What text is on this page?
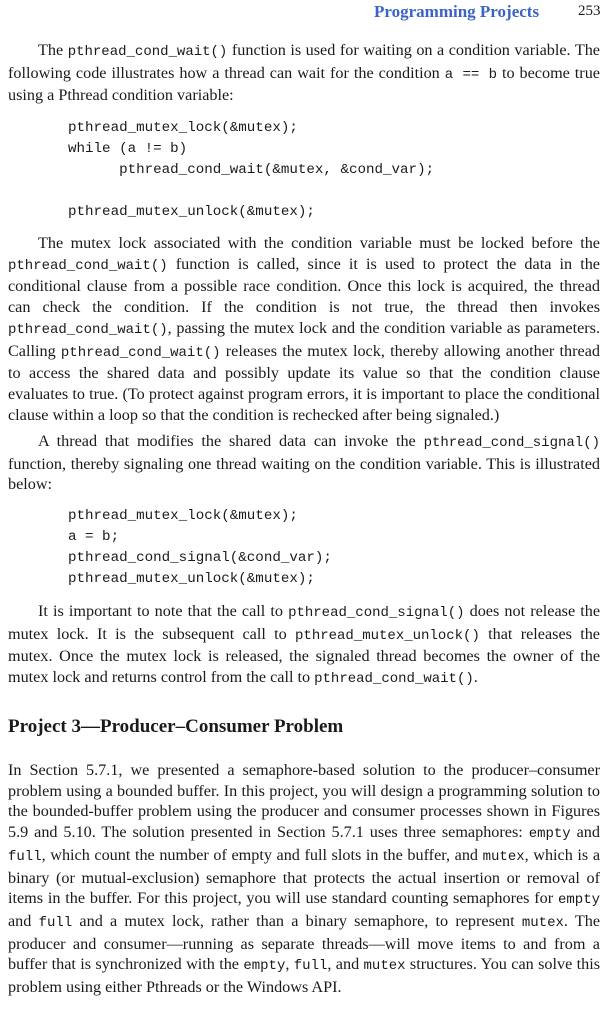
Programming Projects	253

The pthread_cond_wait() function is used for waiting on a condition variable. The following code illustrates how a thread can wait for the condition a == b to become true using a Pthread condition variable:

pthread_mutex_lock(&mutex);
while (a != b)
pthread_cond_wait(&mutex, &cond_var);

pthread_mutex_unlock(&mutex);

The mutex lock associated with the condition variable must be locked before the pthread_cond_wait() function is called, since it is used to protect the data in the conditional clause from a possible race condition. Once this lock is acquired, the thread can check the condition. If the condition is not true, the thread then invokes pthread_cond_wait(), passing the mutex lock and the condition variable as parameters. Calling pthread_cond_wait() releases the mutex lock, thereby allowing another thread to access the shared data and possibly update its value so that the condition clause evaluates to true. (To protect against program errors, it is important to place the conditional clause within a loop so that the condition is rechecked after being signaled.)

A thread that modifies the shared data can invoke the pthread_cond_signal() function, thereby signaling one thread waiting on the condition variable. This is illustrated below:

pthread_mutex_lock(&mutex);
a = b;
pthread_cond_signal(&cond_var);
pthread_mutex_unlock(&mutex);

It is important to note that the call to pthread_cond_signal() does not release the mutex lock. It is the subsequent call to pthread_mutex_unlock() that releases the mutex. Once the mutex lock is released, the signaled thread becomes the owner of the mutex lock and returns control from the call to pthread_cond_wait().

Project 3—Producer–Consumer Problem

In Section 5.7.1, we presented a semaphore-based solution to the producer–consumer problem using a bounded buffer. In this project, you will design a programming solution to the bounded-buffer problem using the producer and consumer processes shown in Figures 5.9 and 5.10. The solution presented in Section 5.7.1 uses three semaphores: empty and full, which count the number of empty and full slots in the buffer, and mutex, which is a binary (or mutual-exclusion) semaphore that protects the actual insertion or removal of items in the buffer. For this project, you will use standard counting semaphores for empty and full and a mutex lock, rather than a binary semaphore, to represent mutex. The producer and consumer—running as separate threads—will move items to and from a buffer that is synchronized with the empty, full, and mutex structures. You can solve this problem using either Pthreads or the Windows API.
